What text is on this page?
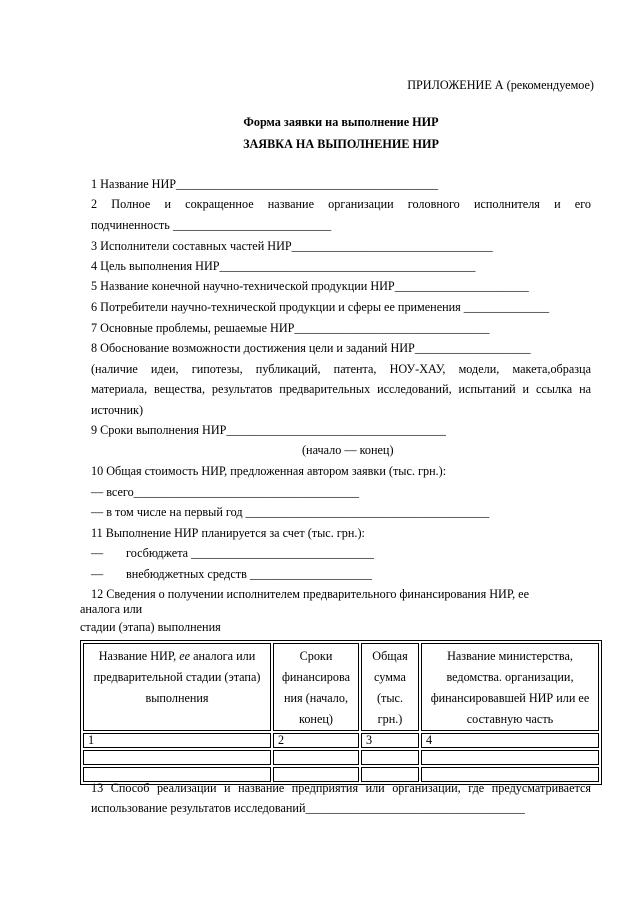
ПРИЛОЖЕНИЕ А (рекомендуемое)
Форма заявки на выполнение НИР
ЗАЯВКА НА ВЫПОЛНЕНИЕ НИР
1 Название НИР___________________________________________
2 Полное и сокращенное название организации головного исполнителя и его
подчиненность __________________________
3 Исполнители составных частей НИР_________________________________
4 Цель выполнения НИР__________________________________________
5 Название конечной научно-технической продукции НИР______________________
6 Потребители научно-технической продукции и сферы ее применения ______________
7 Основные проблемы, решаемые НИР________________________________
8 Обоснование возможности достижения цели и заданий НИР___________________
(наличие идеи, гипотезы, публикаций, патента, НОУ-ХАУ, модели, макета,образца
материала, вещества, результатов предварительных исследований, испытаний и ссылка на
источник)
9 Сроки выполнения НИР____________________________________
(начало — конец)
10 Общая стоимость НИР, предложенная автором заявки (тыс. грн.):
— всего_____________________________________
— в том числе на первый год ________________________________________
11 Выполнение НИР планируется за счет (тыс. грн.):
— госбюджета ______________________________
— внебюджетных средств ____________________
12 Сведения о получении исполнителем предварительного финансирования НИР, ее
аналога или
Название НИР, ее аналога или
предварительной стадии (этапа)
выполнения	Сроки
финансирова
ния (начало,
конец)	Общая
сумма
(тыс.
грн.)	Название министерства,
ведомства. организации,
финансировавшей НИР или ее
составную часть
1	2	3	4

стадии (этапа) выполнения
13 Способ реализации и название предприятия или организации, где предусматривается
использование результатов исследований____________________________________
